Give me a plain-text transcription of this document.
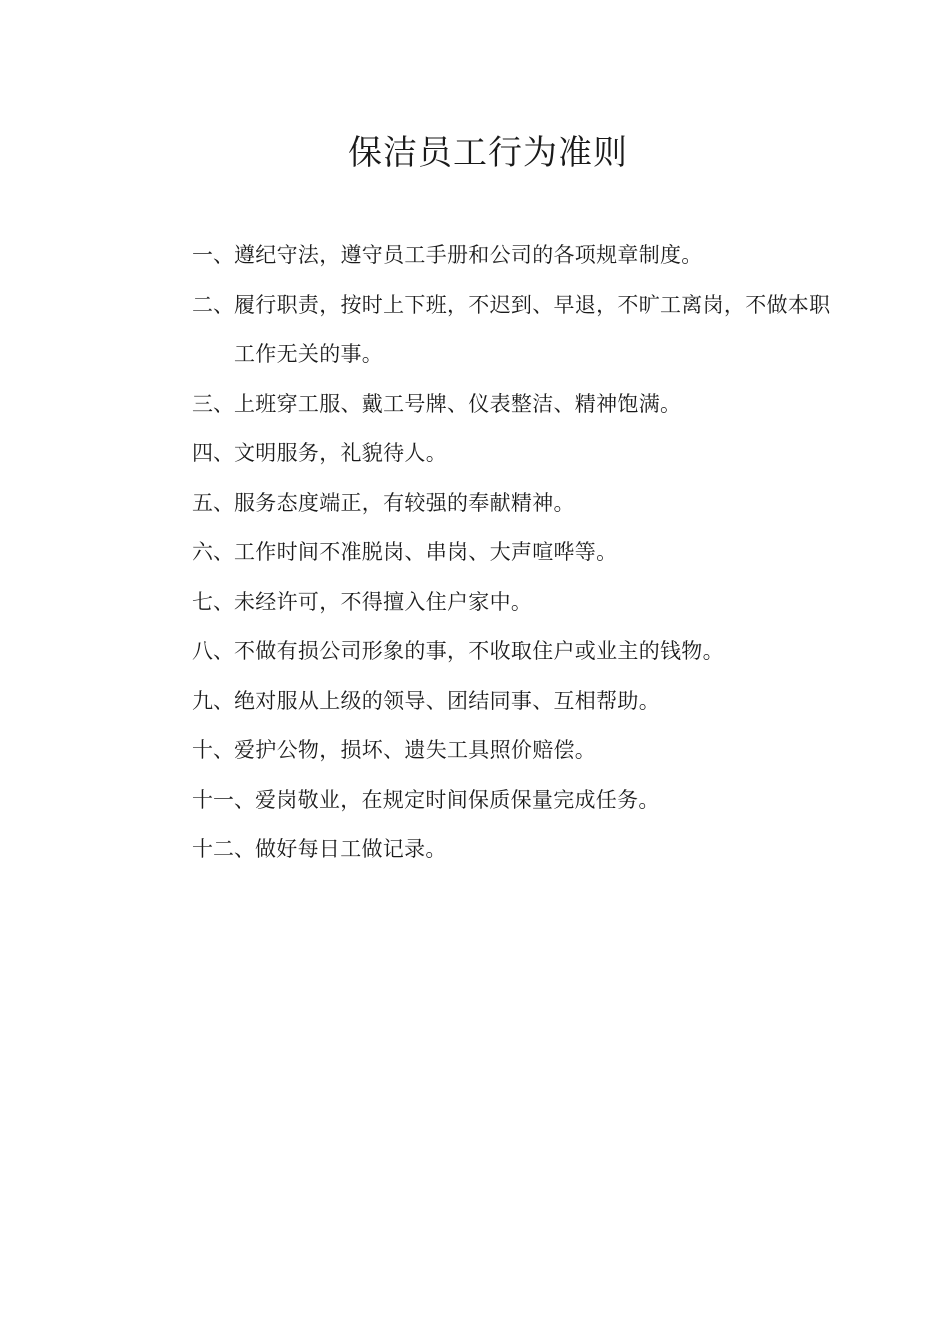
保洁员工行为准则
一、 遵纪守法，遵守员工手册和公司的各项规章制度。
二、 履行职责，按时上下班，不迟到、早退，不旷工离岗，不做本职工作无关的事。
三、 上班穿工服、戴工号牌、仪表整洁、精神饱满。
四、 文明服务，礼貌待人。
五、 服务态度端正，有较强的奉献精神。
六、 工作时间不准脱岗、串岗、大声喧哗等。
七、 未经许可，不得擅入住户家中。
八、 不做有损公司形象的事，不收取住户或业主的钱物。
九、 绝对服从上级的领导、团结同事、互相帮助。
十、 爱护公物，损坏、遗失工具照价赔偿。
十一、 爱岗敬业，在规定时间保质保量完成任务。
十二、 做好每日工做记录。
